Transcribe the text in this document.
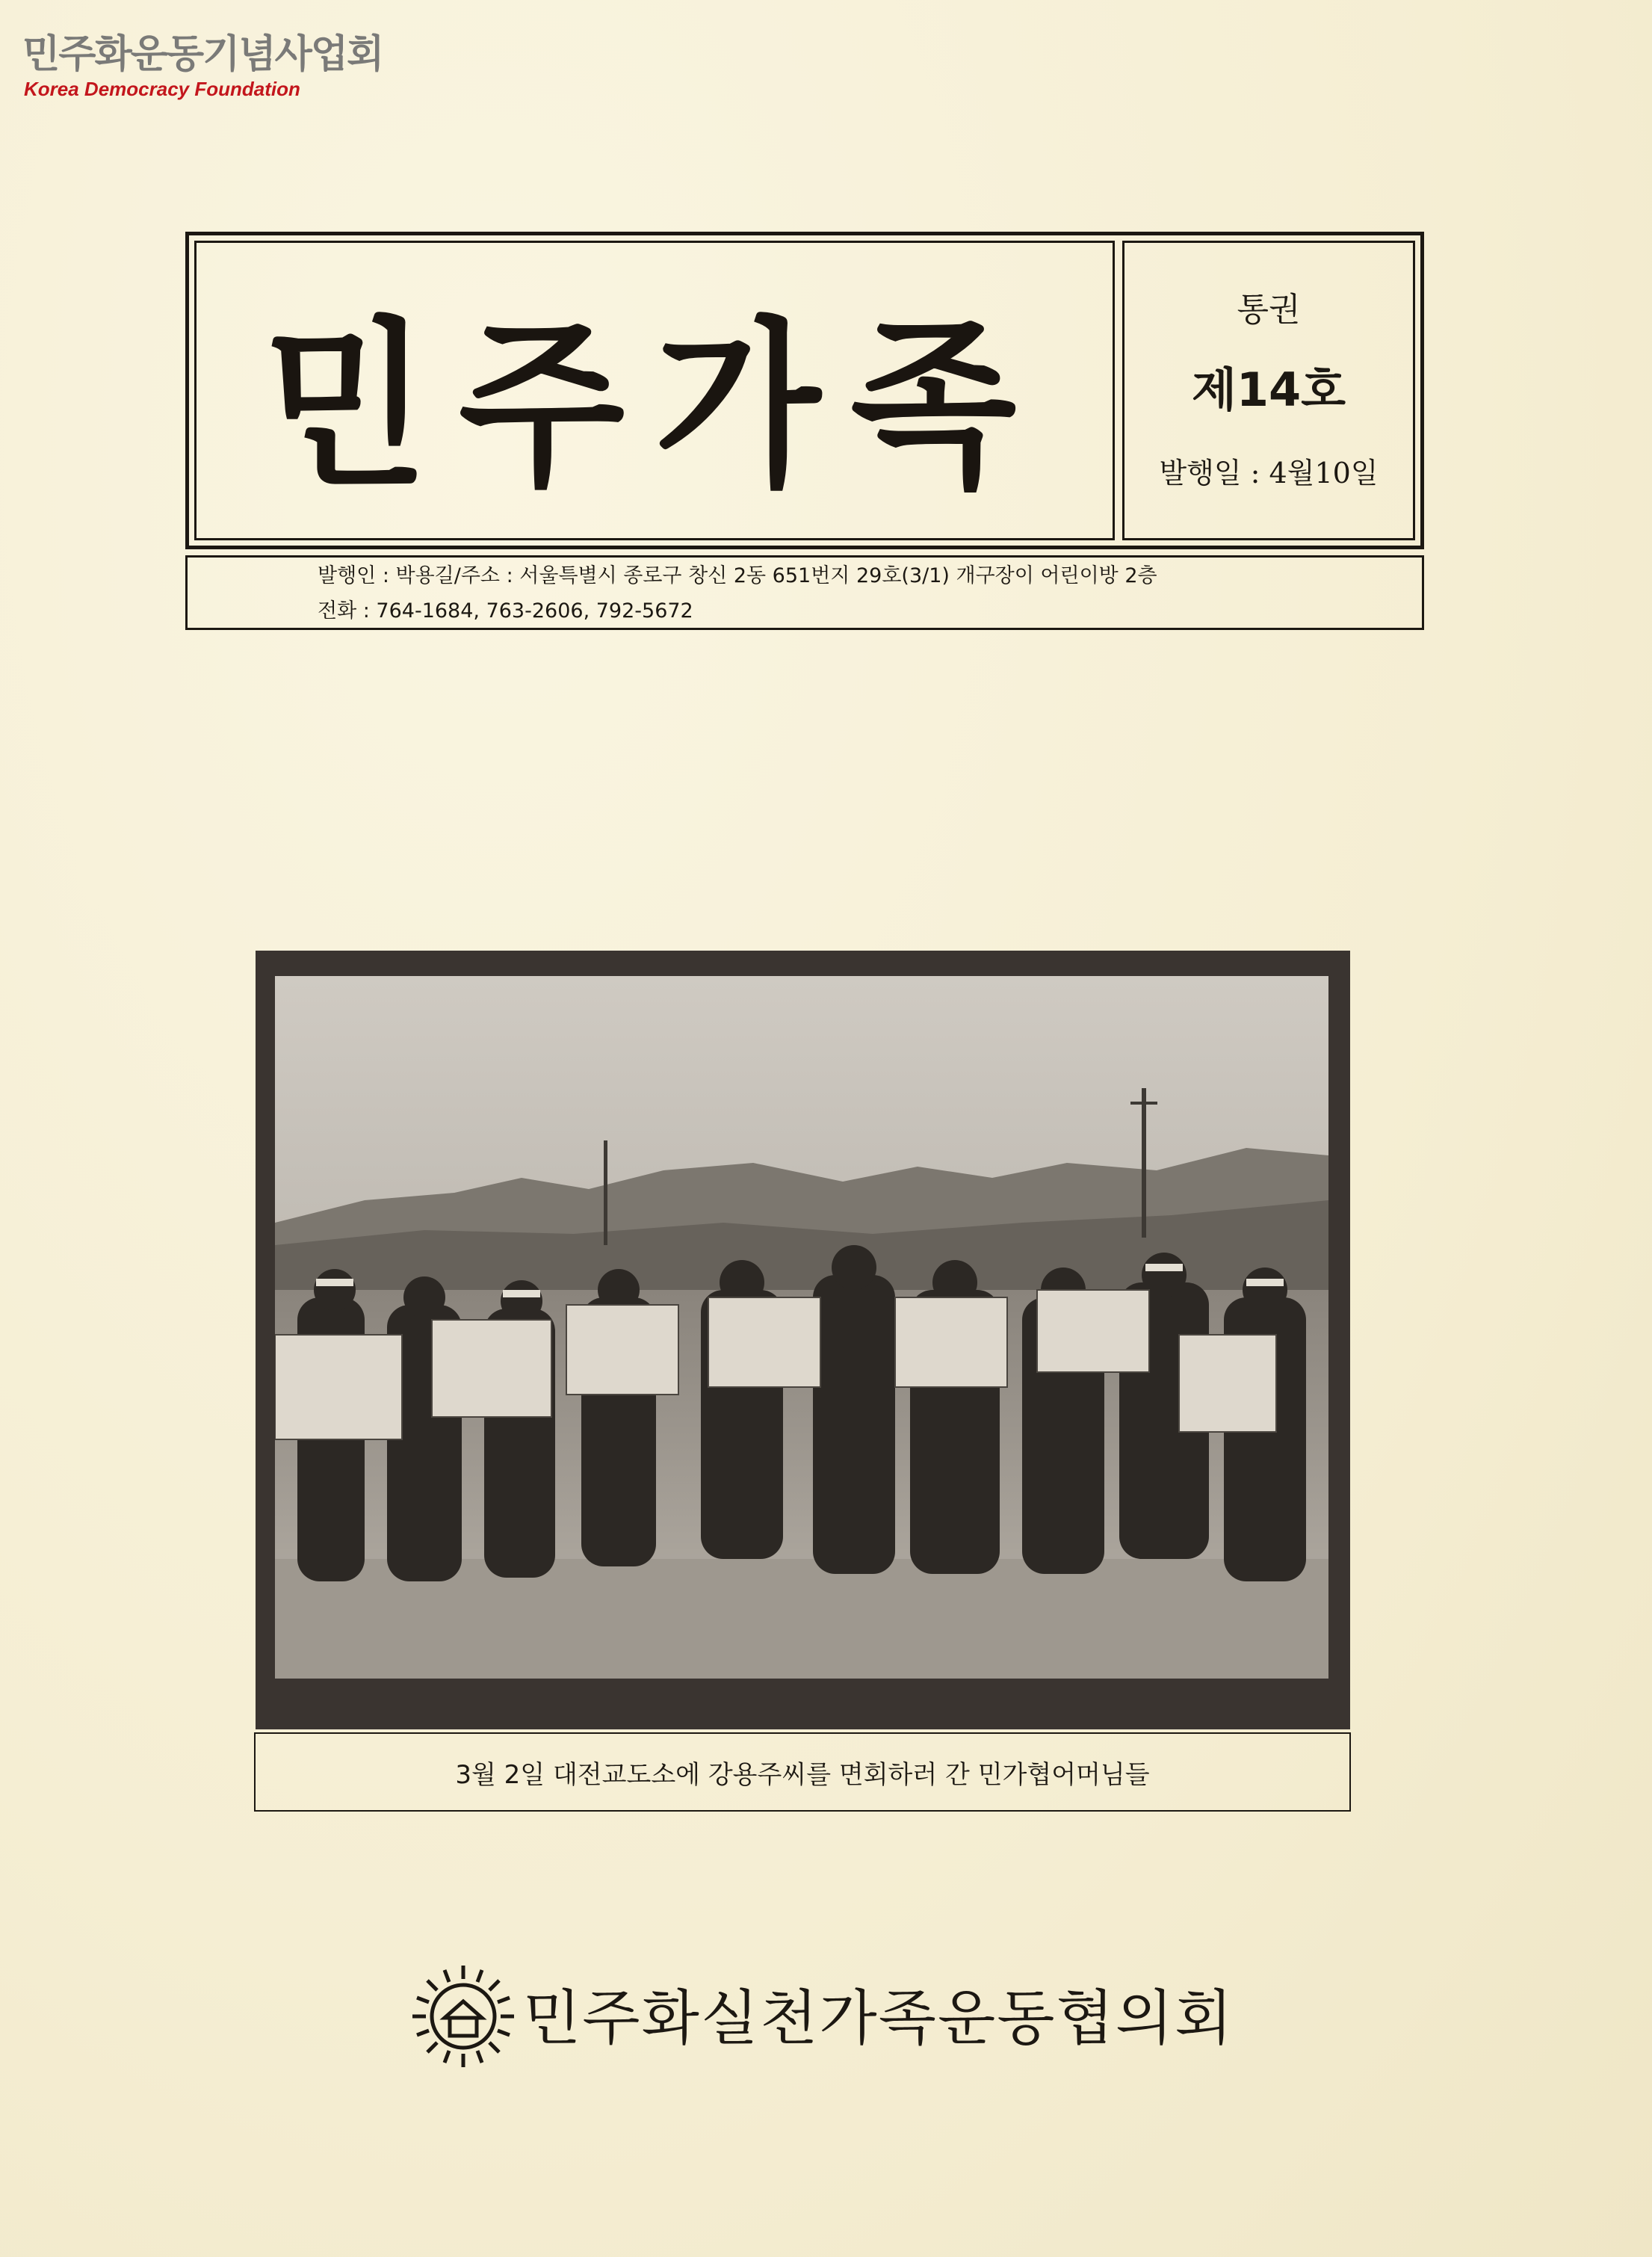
민주화운동기념사업회
Korea Democracy Foundation
민주가족	통권
제14호
발행일 : 4월10일
발행인 : 박용길/주소 : 서울특별시 종로구 창신 2동 651번지 29호(3/1) 개구장이 어린이방 2층
전화 : 764-1684, 763-2606, 792-5672
3월 2일 대전교도소에 강용주씨를 면회하러 간 민가협어머님들
민주화실천가족운동협의회
